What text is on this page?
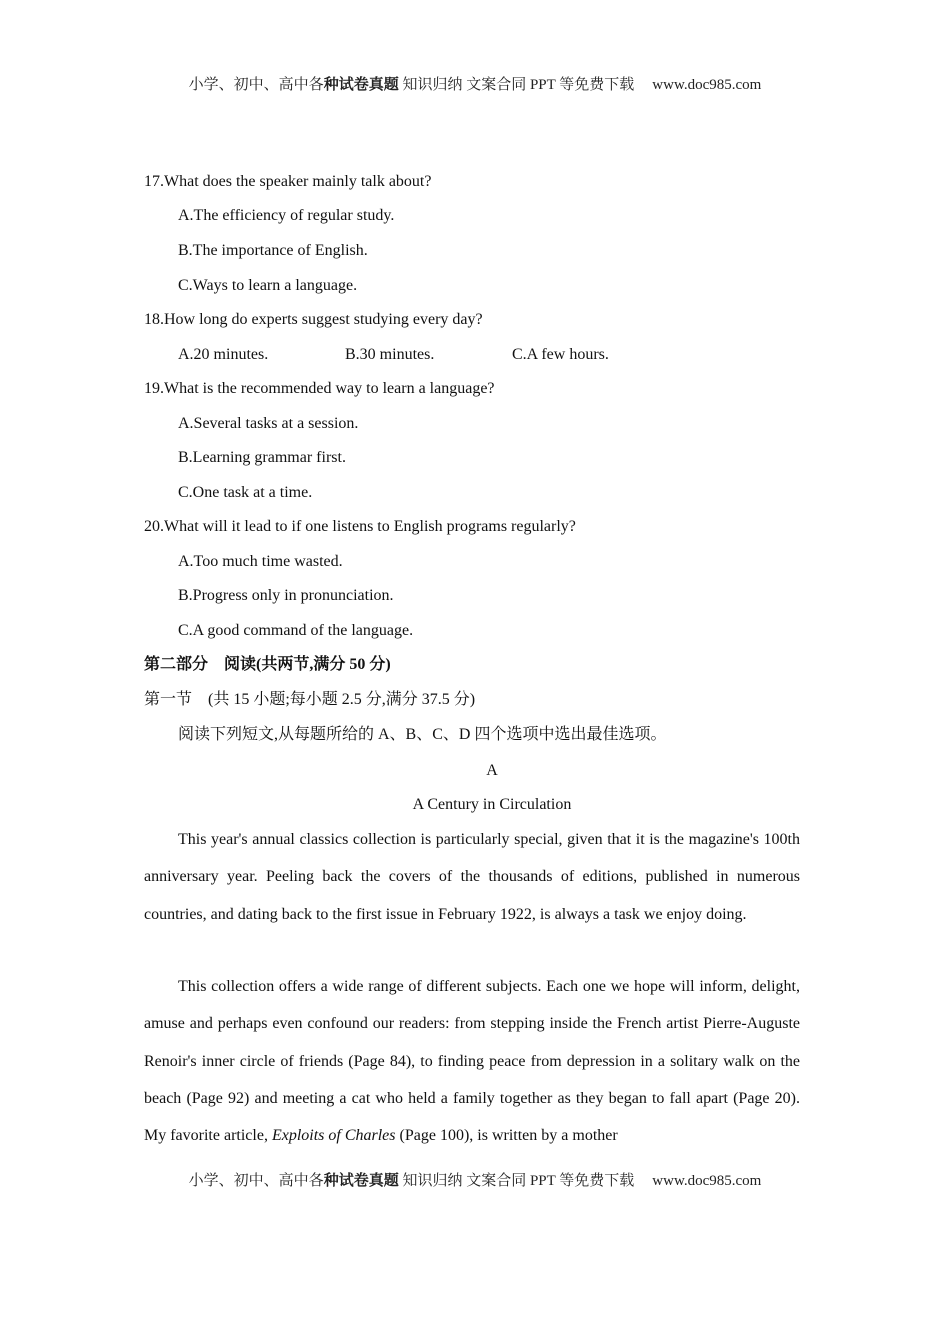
小学、初中、高中各种试卷真题 知识归纳 文案合同 PPT 等免费下载 www.doc985.com
17.What does the speaker mainly talk about?
A.The efficiency of regular study.
B.The importance of English.
C.Ways to learn a language.
18.How long do experts suggest studying every day?
A.20 minutes.	B.30 minutes.	C.A few hours.
19.What is the recommended way to learn a language?
A.Several tasks at a session.
B.Learning grammar first.
C.One task at a time.
20.What will it lead to if one listens to English programs regularly?
A.Too much time wasted.
B.Progress only in pronunciation.
C.A good command of the language.
第二部分　阅读(共两节,满分 50 分)
第一节　(共 15 小题;每小题 2.5 分,满分 37.5 分)
阅读下列短文,从每题所给的 A、B、C、D 四个选项中选出最佳选项。
A
A Century in Circulation
This year's annual classics collection is particularly special, given that it is the magazine's 100th anniversary year. Peeling back the covers of the thousands of editions, published in numerous countries, and dating back to the first issue in February 1922, is always a task we enjoy doing.
This collection offers a wide range of different subjects. Each one we hope will inform, delight, amuse and perhaps even confound our readers: from stepping inside the French artist Pierre-Auguste Renoir's inner circle of friends (Page 84), to finding peace from depression in a solitary walk on the beach (Page 92) and meeting a cat who held a family together as they began to fall apart (Page 20). My favorite article, Exploits of Charles (Page 100), is written by a mother
小学、初中、高中各种试卷真题 知识归纳 文案合同 PPT 等免费下载 www.doc985.com
